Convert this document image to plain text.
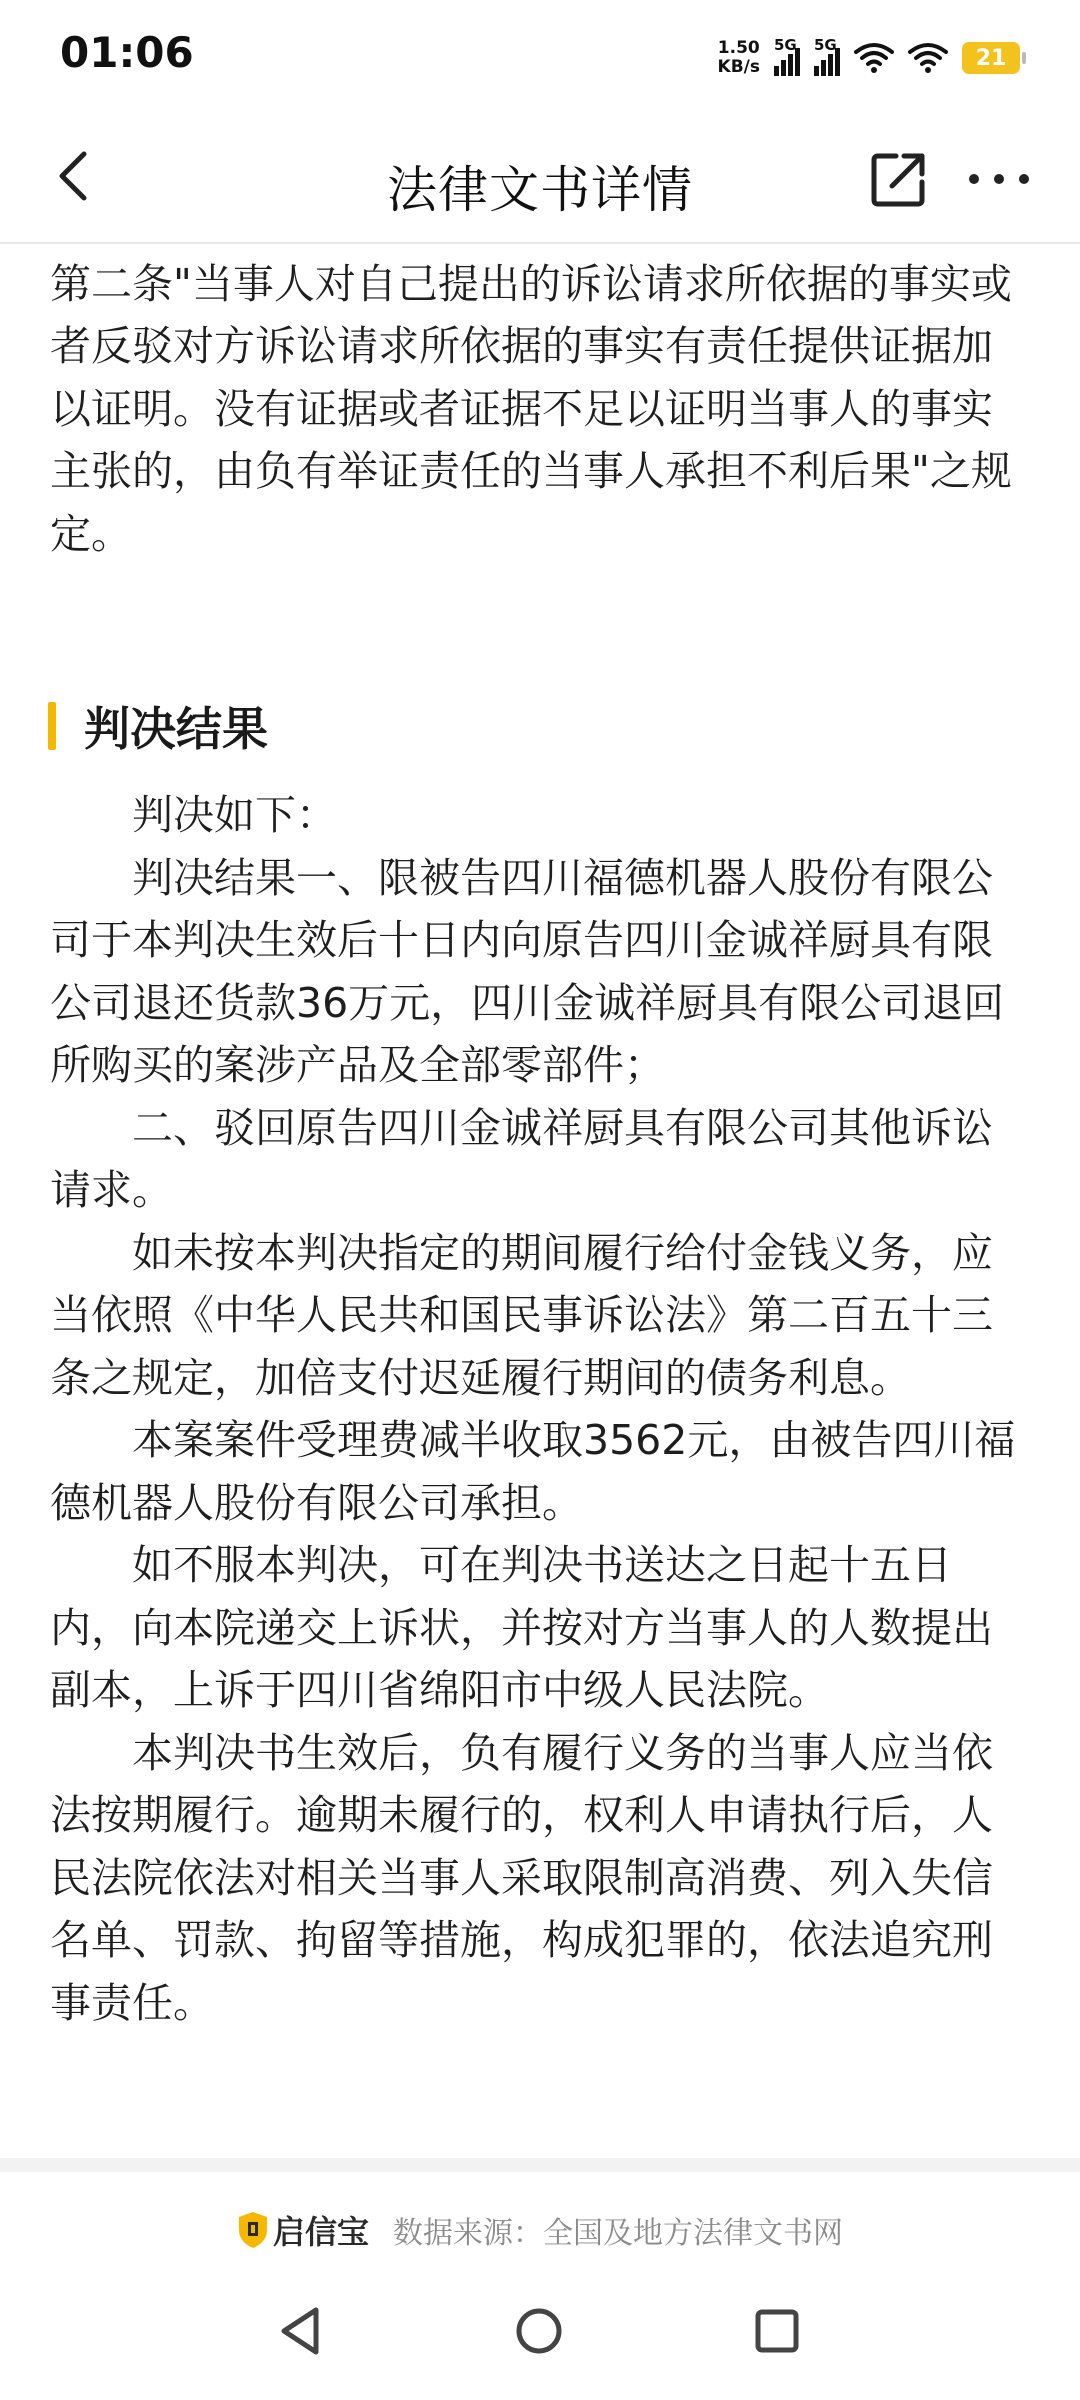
01:06	1.50
KB/s
5G 5G
21
法律文书详情

第二条"当事人对自己提出的诉讼请求所依据的事实或者反驳对方诉讼请求所依据的事实有责任提供证据加以证明。没有证据或者证据不足以证明当事人的事实主张的，由负有举证责任的当事人承担不利后果"之规定。

判决结果

判决如下：

判决结果一、限被告四川福德机器人股份有限公司于本判决生效后十日内向原告四川金诚祥厨具有限公司退还货款36万元，四川金诚祥厨具有限公司退回所购买的案涉产品及全部零部件；

二、驳回原告四川金诚祥厨具有限公司其他诉讼请求。

如未按本判决指定的期间履行给付金钱义务，应当依照《中华人民共和国民事诉讼法》第二百五十三条之规定，加倍支付迟延履行期间的债务利息。

本案案件受理费减半收取3562元，由被告四川福德机器人股份有限公司承担。

如不服本判决，可在判决书送达之日起十五日内，向本院递交上诉状，并按对方当事人的人数提出副本，上诉于四川省绵阳市中级人民法院。

本判决书生效后，负有履行义务的当事人应当依法按期履行。逾期未履行的，权利人申请执行后，人民法院依法对相关当事人采取限制高消费、列入失信名单、罚款、拘留等措施，构成犯罪的，依法追究刑事责任。

启信宝 数据来源：全国及地方法律文书网
